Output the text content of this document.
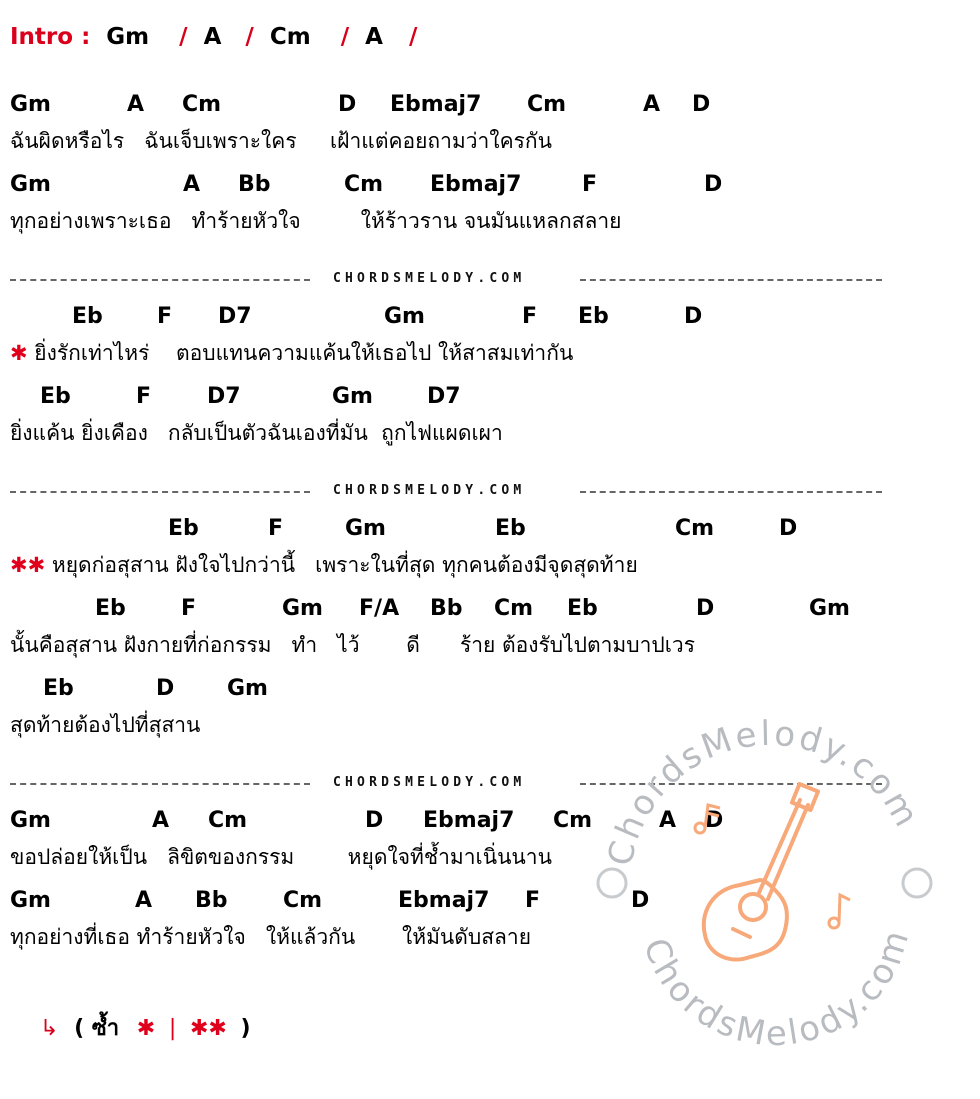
Intro : Gm / A / Cm / A /
Gm	A Cm	D Ebmaj7 Cm	A D
ฉันผิดหรือไร   ฉันเจ็บเพราะใคร     เฝ้าแต่คอยถามว่าใครกัน
Gm	A Bb	Cm Ebmaj7	F	D
ทุกอย่างเพราะเธอ   ทำร้ายหัวใจ         ให้ร้าวราน จนมันแหลกสลาย
Eb F D7	Gm	F Eb	D
✱ ยิ่งรักเท่าไหร่    ตอบแทนความแค้นให้เธอไป ให้สาสมเท่ากัน
Eb	F	D7	Gm D7
ยิ่งแค้น ยิ่งเคือง   กลับเป็นตัวฉันเองที่มัน  ถูกไฟแผดเผา
Eb	F	Gm	Eb	Cm	D
✱✱ หยุดก่อสุสาน ฝังใจไปกว่านี้   เพราะในที่สุด ทุกคนต้องมีจุดสุดท้าย
Eb	F	Gm F/A Bb Cm Eb	D	Gm
นั้นคือสุสาน ฝังกายที่ก่อกรรม   ทำ   ไว้       ดี      ร้าย ต้องรับไปตามบาปเวร
Eb	D Gm
สุดท้ายต้องไปที่สุสาน
Gm	A Cm	D Ebmaj7 Cm	A D
ขอปล่อยให้เป็น   ลิขิตของกรรม        หยุดใจที่ช้ำมาเนิ่นนาน
Gm	A Bb	Cm	Ebmaj7 F	D
ทุกอย่างที่เธอ ทำร้ายหัวใจ   ให้แล้วกัน       ให้มันดับสลาย
CHORDSMELODY.COM
CHORDSMELODY.COM
CHORDSMELODY.COM
↳ ( ซ้ำ ✱ | ✱✱ )
ChordsMelody.com
ChordsMelody.com
